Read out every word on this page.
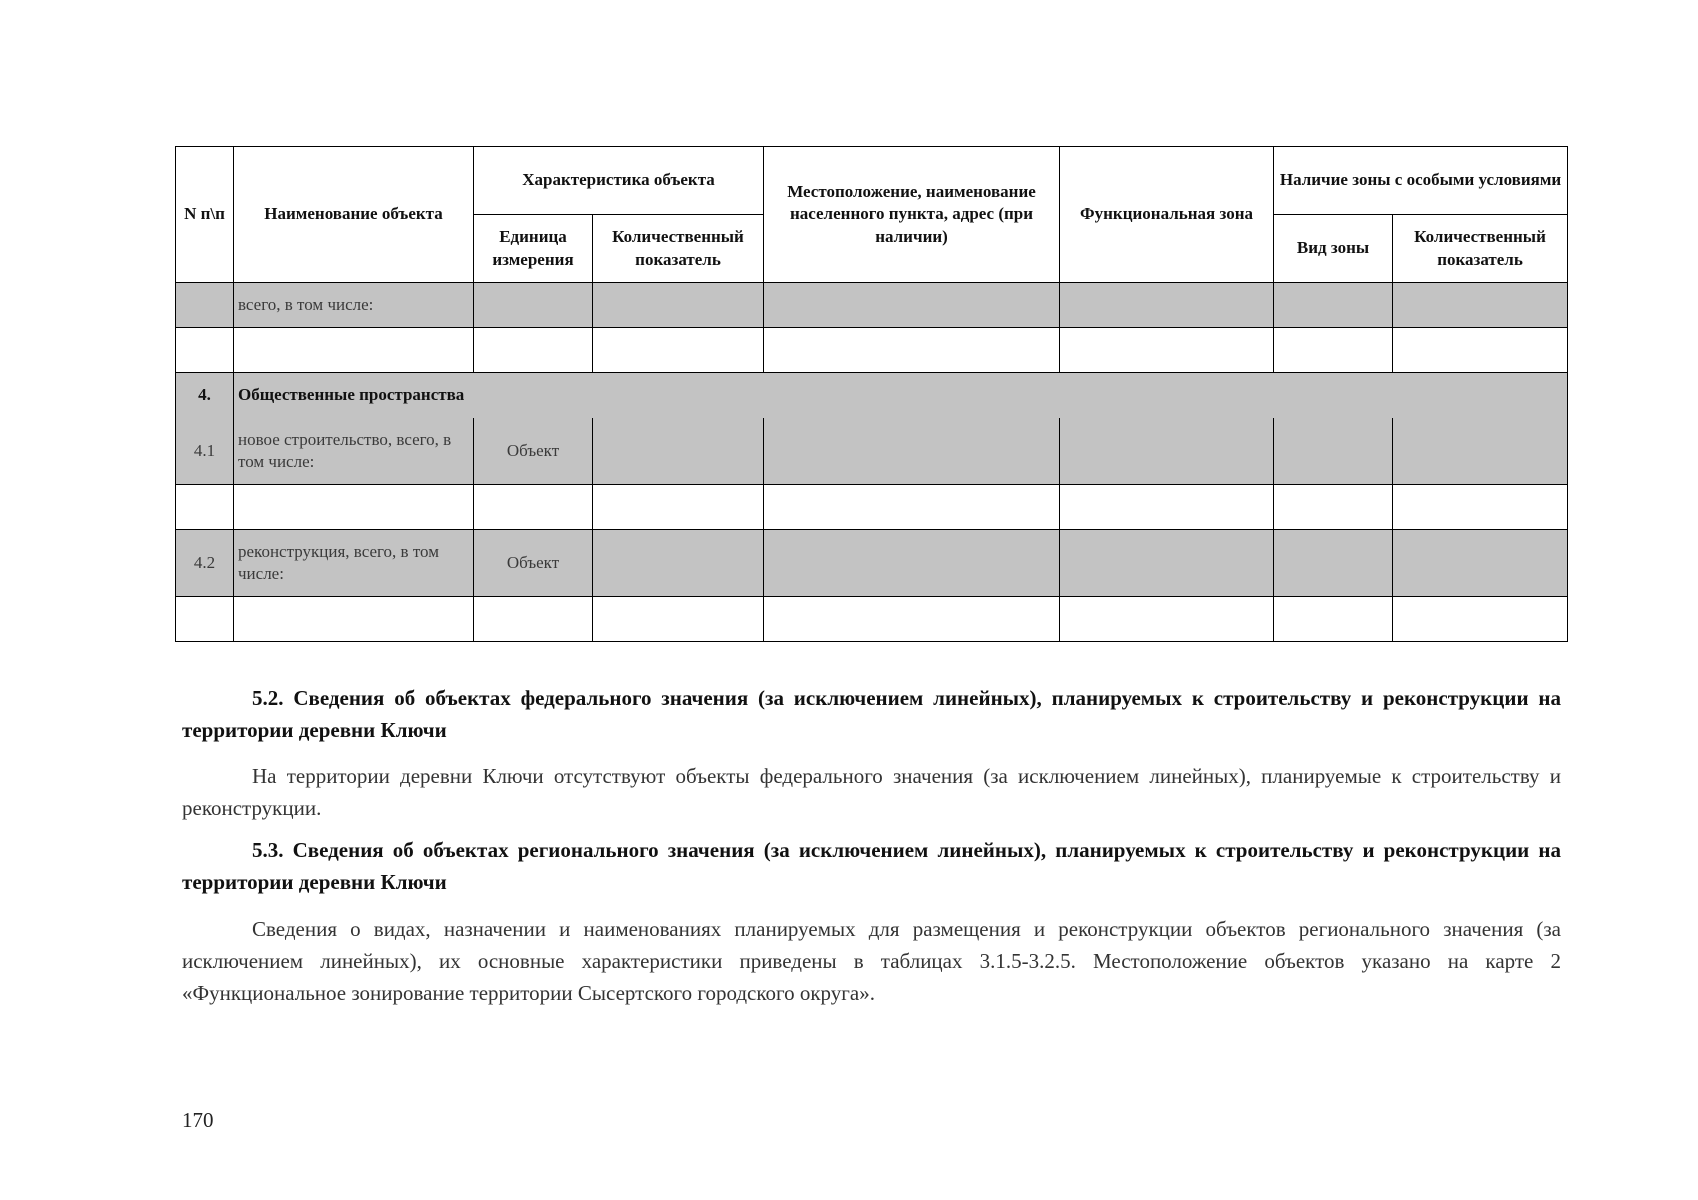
N п\п	Наименование объекта	Характеристика объекта		Местоположение, наименование населенного пункта, адрес (при наличии)	Функциональная зона	Наличие зоны с особыми условиями	
		Единица измерения	Количественный показатель			Вид зоны	Количественный показатель
	всего, в том числе:						

4.	Общественные пространства						
4.1	новое строительство, всего, в том числе:	Объект					

4.2	реконструкция, всего, в том числе:	Объект					

5.2. Сведения об объектах федерального значения (за исключением линейных), планируемых к строительству и реконструкции на территории деревни Ключи
На территории деревни Ключи отсутствуют объекты федерального значения (за исключением линейных), планируемые к строительству и реконструкции.
5.3. Сведения об объектах регионального значения (за исключением линейных), планируемых к строительству и реконструкции на территории деревни Ключи
Сведения о видах, назначении и наименованиях планируемых для размещения и реконструкции объектов регионального значения (за исключением линейных), их основные характеристики приведены в таблицах 3.1.5-3.2.5. Местоположение объектов указано на карте 2 «Функциональное зонирование территории Сысертского городского округа».
170
